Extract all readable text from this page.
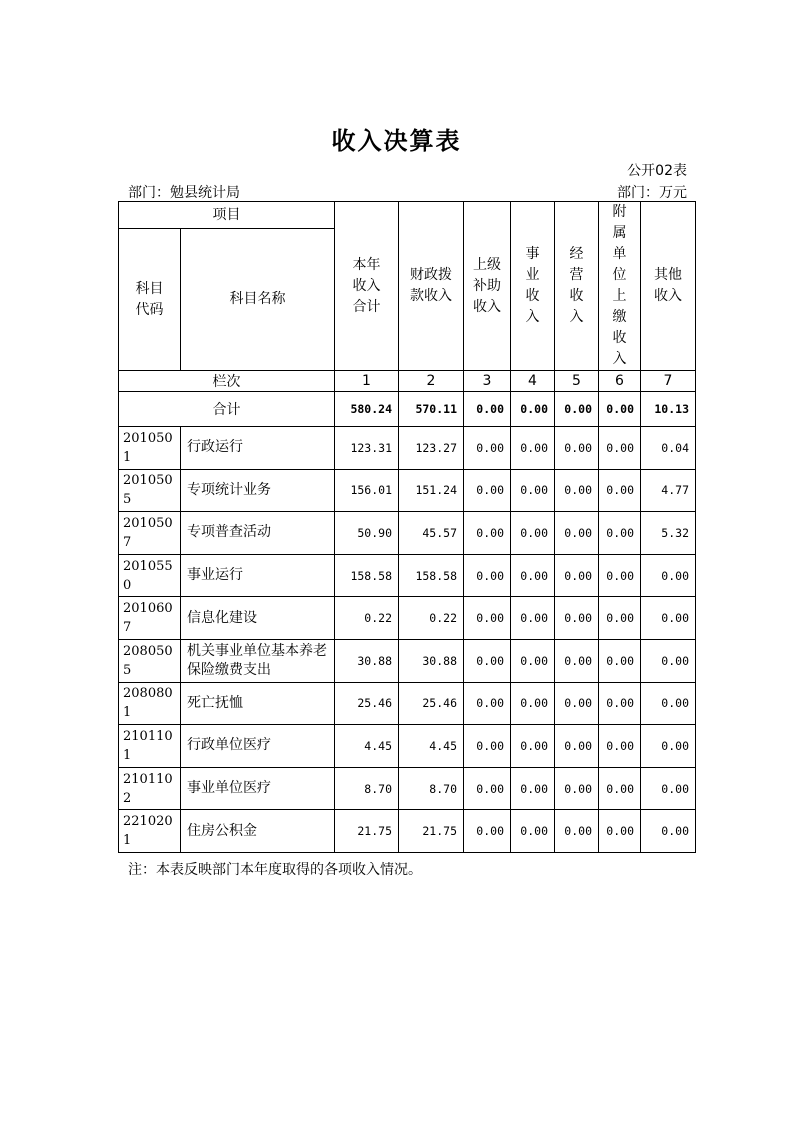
收入决算表
公开02表
部门：勉县统计局	部门：万元
项目		本年收入合计	财政拨款收入	上级补助收入	事业收入	经营收入	附属单位上缴收入	其他收入

科目代码	科目名称							
栏次		1	2	3	4	5	6	7
合计		580.24	570.11	0.00	0.00	0.00	0.00	10.13
2010501	行政运行	123.31	123.27	0.00	0.00	0.00	0.00	0.04
2010505	专项统计业务	156.01	151.24	0.00	0.00	0.00	0.00	4.77
2010507	专项普查活动	50.90	45.57	0.00	0.00	0.00	0.00	5.32
2010550	事业运行	158.58	158.58	0.00	0.00	0.00	0.00	0.00
2010607	信息化建设	0.22	0.22	0.00	0.00	0.00	0.00	0.00
2080505	机关事业单位基本养老保险缴费支出	30.88	30.88	0.00	0.00	0.00	0.00	0.00
2080801	死亡抚恤	25.46	25.46	0.00	0.00	0.00	0.00	0.00
2101101	行政单位医疗	4.45	4.45	0.00	0.00	0.00	0.00	0.00
2101102	事业单位医疗	8.70	8.70	0.00	0.00	0.00	0.00	0.00
2210201	住房公积金	21.75	21.75	0.00	0.00	0.00	0.00	0.00
注：本表反映部门本年度取得的各项收入情况。
